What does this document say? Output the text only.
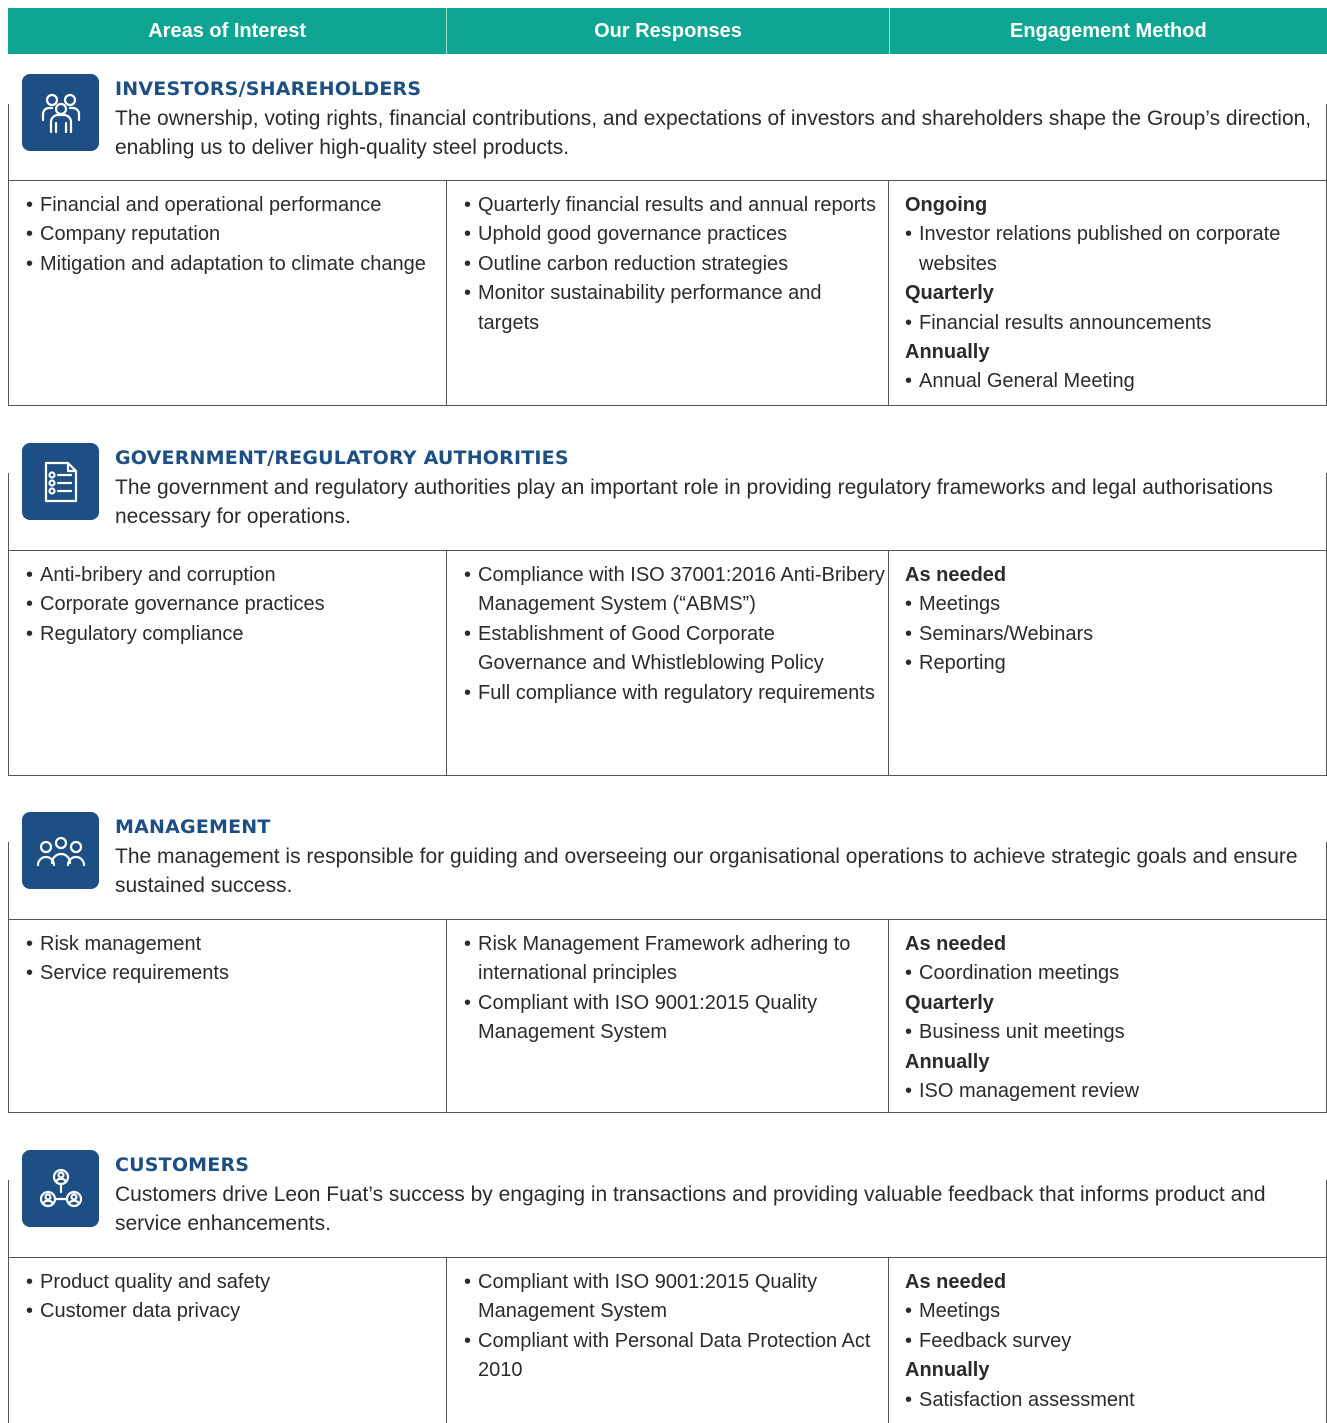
Areas of Interest	Our Responses	Engagement Method
INVESTORS/SHAREHOLDERS

The ownership, voting rights, financial contributions, and expectations of investors and shareholders shape the Group’s direction, enabling us to deliver high-quality steel products.

• Financial and operational performance
• Company reputation
• Mitigation and adaptation to climate change
• Quarterly financial results and annual reports
• Uphold good governance practices
• Outline carbon reduction strategies
• Monitor sustainability performance and targets
Ongoing
• Investor relations published on corporate websites
Quarterly
• Financial results announcements
Annually
• Annual General Meeting
GOVERNMENT/REGULATORY AUTHORITIES

The government and regulatory authorities play an important role in providing regulatory frameworks and legal authorisations necessary for operations.

• Anti-bribery and corruption
• Corporate governance practices
• Regulatory compliance
• Compliance with ISO 37001:2016 Anti-Bribery Management System (“ABMS”)
• Establishment of Good Corporate Governance and Whistleblowing Policy
• Full compliance with regulatory requirements
As needed
• Meetings
• Seminars/Webinars
• Reporting
MANAGEMENT

The management is responsible for guiding and overseeing our organisational operations to achieve strategic goals and ensure sustained success.

• Risk management
• Service requirements
• Risk Management Framework adhering to international principles
• Compliant with ISO 9001:2015 Quality Management System
As needed
• Coordination meetings
Quarterly
• Business unit meetings
Annually
• ISO management review
CUSTOMERS

Customers drive Leon Fuat’s success by engaging in transactions and providing valuable feedback that informs product and service enhancements.

• Product quality and safety
• Customer data privacy
• Compliant with ISO 9001:2015 Quality Management System
• Compliant with Personal Data Protection Act 2010
As needed
• Meetings
• Feedback survey
Annually
• Satisfaction assessment
